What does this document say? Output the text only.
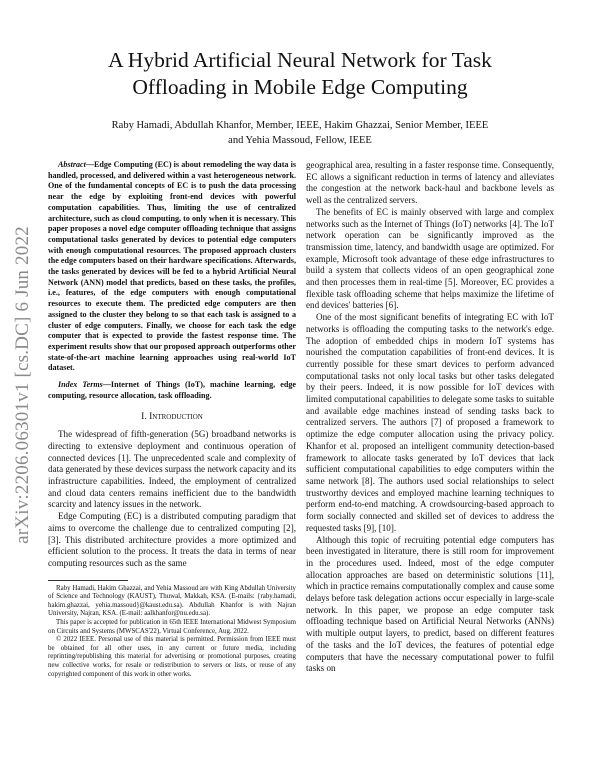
arXiv:2206.06301v1 [cs.DC] 6 Jun 2022
A Hybrid Artificial Neural Network for Task Offloading in Mobile Edge Computing
Raby Hamadi, Abdullah Khanfor, Member, IEEE, Hakim Ghazzai, Senior Member, IEEE
and Yehia Massoud, Fellow, IEEE

Abstract—Edge Computing (EC) is about remodeling the way data is handled, processed, and delivered within a vast heterogeneous network. One of the fundamental concepts of EC is to push the data processing near the edge by exploiting front-end devices with powerful computation capabilities. Thus, limiting the use of centralized architecture, such as cloud computing, to only when it is necessary. This paper proposes a novel edge computer offloading technique that assigns computational tasks generated by devices to potential edge computers with enough computational resources. The proposed approach clusters the edge computers based on their hardware specifications. Afterwards, the tasks generated by devices will be fed to a hybrid Artificial Neural Network (ANN) model that predicts, based on these tasks, the profiles, i.e., features, of the edge computers with enough computational resources to execute them. The predicted edge computers are then assigned to the cluster they belong to so that each task is assigned to a cluster of edge computers. Finally, we choose for each task the edge computer that is expected to provide the fastest response time. The experiment results show that our proposed approach outperforms other state-of-the-art machine learning approaches using real-world IoT dataset.

Index Terms—Internet of Things (IoT), machine learning, edge computing, resource allocation, task offloading.

I. Introduction

The widespread of fifth-generation (5G) broadband networks is directing to extensive deployment and continuous operation of connected devices [1]. The unprecedented scale and complexity of data generated by these devices surpass the network capacity and its infrastructure capabilities. Indeed, the employment of centralized and cloud data centers remains inefficient due to the bandwidth scarcity and latency issues in the network.

Edge Computing (EC) is a distributed computing paradigm that aims to overcome the challenge due to centralized computing [2], [3]. This distributed architecture provides a more optimized and efficient solution to the process. It treats the data in terms of near computing resources such as the same

Raby Hamadi, Hakim Ghazzai, and Yehia Massoud are with King Abdullah University of Science and Technology (KAUST), Thuwal, Makkah, KSA. (E-mails: {raby.hamadi, hakim.ghazzai, yehia.massoud}@kaust.edu.sa). Abdullah Khanfor is with Najran University, Najran, KSA. (E-mail: aalkhanfor@nu.edu.sa).

This paper is accepted for publication in 65th IEEE International Midwest Symposium on Circuits and Systems (MWSCAS'22), Virtual Conference, Aug. 2022.

© 2022 IEEE. Personal use of this material is permitted. Permission from IEEE must be obtained for all other uses, in any current or future media, including reprinting/republishing this material for advertising or promotional purposes, creating new collective works, for resale or redistribution to servers or lists, or reuse of any copyrighted component of this work in other works.

geographical area, resulting in a faster response time. Consequently, EC allows a significant reduction in terms of latency and alleviates the congestion at the network back-haul and backbone levels as well as the centralized servers.

The benefits of EC is mainly observed with large and complex networks such as the Internet of Things (IoT) networks [4]. The IoT network operation can be significantly improved as the transmission time, latency, and bandwidth usage are optimized. For example, Microsoft took advantage of these edge infrastructures to build a system that collects videos of an open geographical zone and then processes them in real-time [5]. Moreover, EC provides a flexible task offloading scheme that helps maximize the lifetime of end devices' batteries [6].

One of the most significant benefits of integrating EC with IoT networks is offloading the computing tasks to the network's edge. The adoption of embedded chips in modern IoT systems has nourished the computation capabilities of front-end devices. It is currently possible for these smart devices to perform advanced computational tasks not only local tasks but other tasks delegated by their peers. Indeed, it is now possible for IoT devices with limited computational capabilities to delegate some tasks to suitable and available edge machines instead of sending tasks back to centralized servers. The authors [7] of proposed a framework to optimize the edge computer allocation using the privacy policy. Khanfor et al. proposed an intelligent community detection-based framework to allocate tasks generated by IoT devices that lack sufficient computational capabilities to edge computers within the same network [8]. The authors used social relationships to select trustworthy devices and employed machine learning techniques to perform end-to-end matching. A crowdsourcing-based approach to form socially connected and skilled set of devices to address the requested tasks [9], [10].

Although this topic of recruiting potential edge computers has been investigated in literature, there is still room for improvement in the procedures used. Indeed, most of the edge computer allocation approaches are based on deterministic solutions [11], which in practice remains computationally complex and cause some delays before task delegation actions occur especially in large-scale network. In this paper, we propose an edge computer task offloading technique based on Artificial Neural Networks (ANNs) with multiple output layers, to predict, based on different features of the tasks and the IoT devices, the features of potential edge computers that have the necessary computational power to fulfil tasks on
